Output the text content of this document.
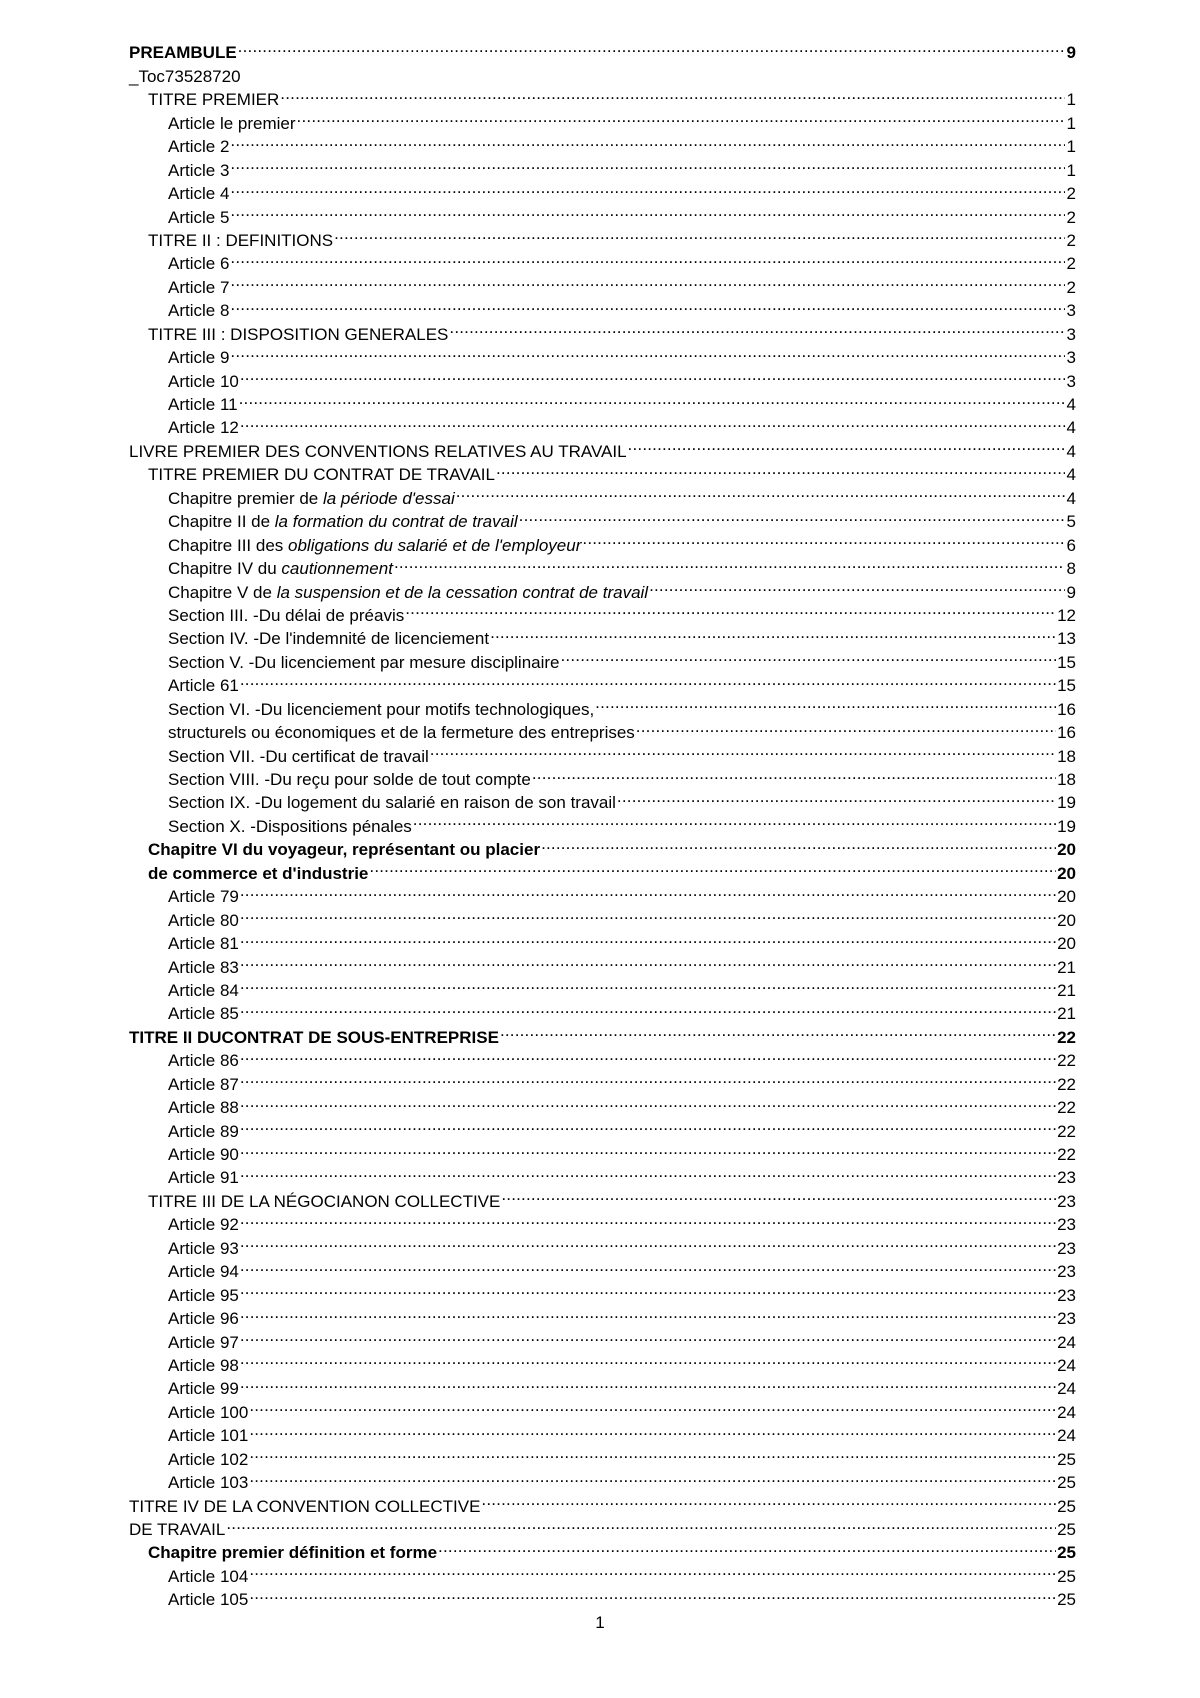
PREAMBULE .....	9
_Toc73528720
TITRE PREMIER .....	1
Article le premier .....	1
Article 2 .....	1
Article 3 .....	1
Article 4 .....	2
Article 5 .....	2
TITRE II : DEFINITIONS .....	2
Article 6 .....	2
Article 7 .....	2
Article 8 .....	3
TITRE III : DISPOSITION GENERALES .....	3
Article 9 .....	3
Article 10 .....	3
Article 11 .....	4
Article 12 .....	4
LIVRE PREMIER DES CONVENTIONS RELATIVES AU TRAVAIL .....	4
TITRE PREMIER DU CONTRAT DE TRAVAIL .....	4
Chapitre premier de la période d'essai .....	4
Chapitre II de la formation du contrat de travail .....	5
Chapitre III des obligations du salarié et de l'employeur .....	6
Chapitre IV du cautionnement .....	8
Chapitre V de la suspension et de la cessation contrat de travail .....	9
Section III. -Du délai de préavis .....	12
Section IV. -De l'indemnité de licenciement .....	13
Section V. -Du licenciement par mesure disciplinaire .....	15
Article 61 .....	15
Section VI. -Du licenciement pour motifs technologiques, .....	16
structurels ou économiques et de la fermeture des entreprises .....	16
Section VII. -Du certificat de travail .....	18
Section VIII. -Du reçu pour solde de tout compte .....	18
Section IX. -Du logement du salarié en raison de son travail .....	19
Section X. -Dispositions pénales .....	19
Chapitre VI du voyageur, représentant ou placier .....	20
de commerce et d'industrie .....	20
Article 79 .....	20
Article 80 .....	20
Article 81 .....	20
Article 83 .....	21
Article 84 .....	21
Article 85 .....	21
TITRE II DUCONTRAT DE SOUS-ENTREPRISE .....	22
Article 86 .....	22
Article 87 .....	22
Article 88 .....	22
Article 89 .....	22
Article 90 .....	22
Article 91 .....	23
TITRE III DE LA NÉGOCIANON COLLECTIVE .....	23
Article 92 .....	23
Article 93 .....	23
Article 94 .....	23
Article 95 .....	23
Article 96 .....	23
Article 97 .....	24
Article 98 .....	24
Article 99 .....	24
Article 100 .....	24
Article 101 .....	24
Article 102 .....	25
Article 103 .....	25
TITRE IV DE LA CONVENTION COLLECTIVE .....	25
DE TRAVAIL .....	25
Chapitre premier définition et forme .....	25
Article 104 .....	25
Article 105 .....	25
1
